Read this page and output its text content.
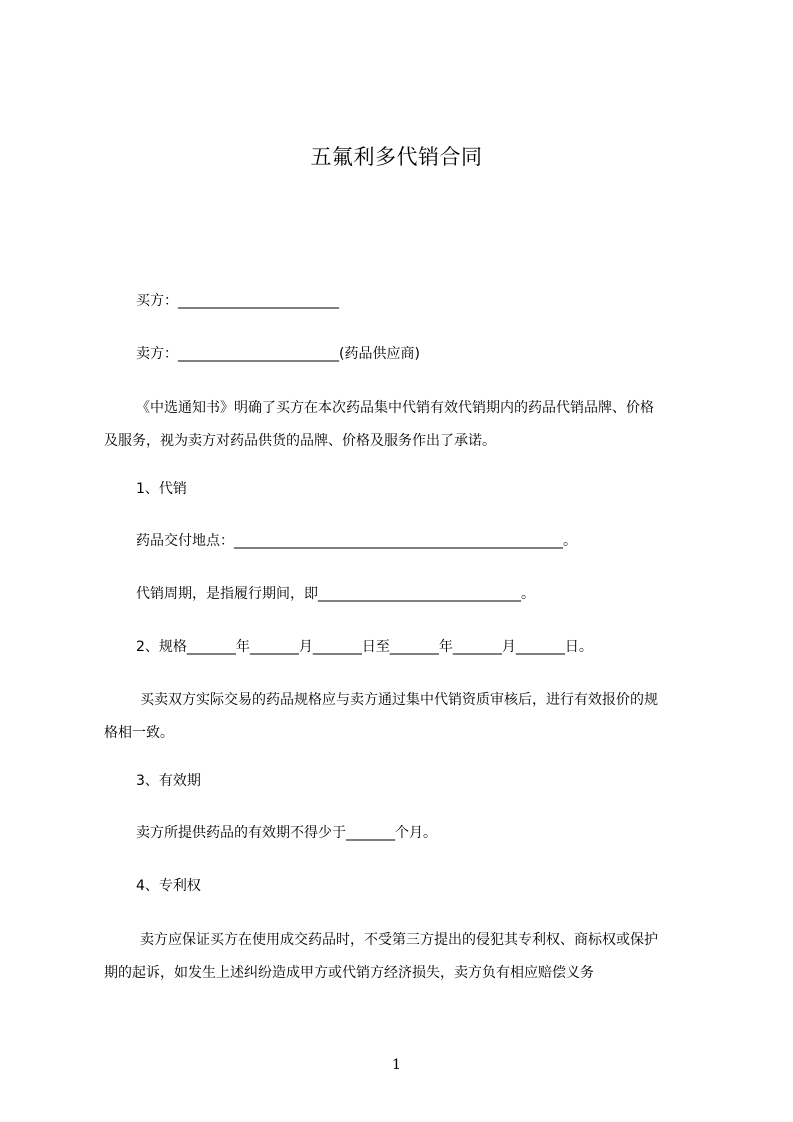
五氟利多代销合同
买方：_______________________
卖方：_______________________(药品供应商)
《中选通知书》明确了买方在本次药品集中代销有效代销期内的药品代销品牌、价格及服务，视为卖方对药品供货的品牌、价格及服务作出了承诺。
1、代销
药品交付地点：_______________________________________________。
代销周期，是指履行期间，即_____________________________。
2、规格_______年_______月_______日至_______年_______月_______日。
买卖双方实际交易的药品规格应与卖方通过集中代销资质审核后，进行有效报价的规格相一致。
3、有效期
卖方所提供药品的有效期不得少于_______个月。
4、专利权
卖方应保证买方在使用成交药品时，不受第三方提出的侵犯其专利权、商标权或保护期的起诉，如发生上述纠纷造成甲方或代销方经济损失，卖方负有相应赔偿义务
1
